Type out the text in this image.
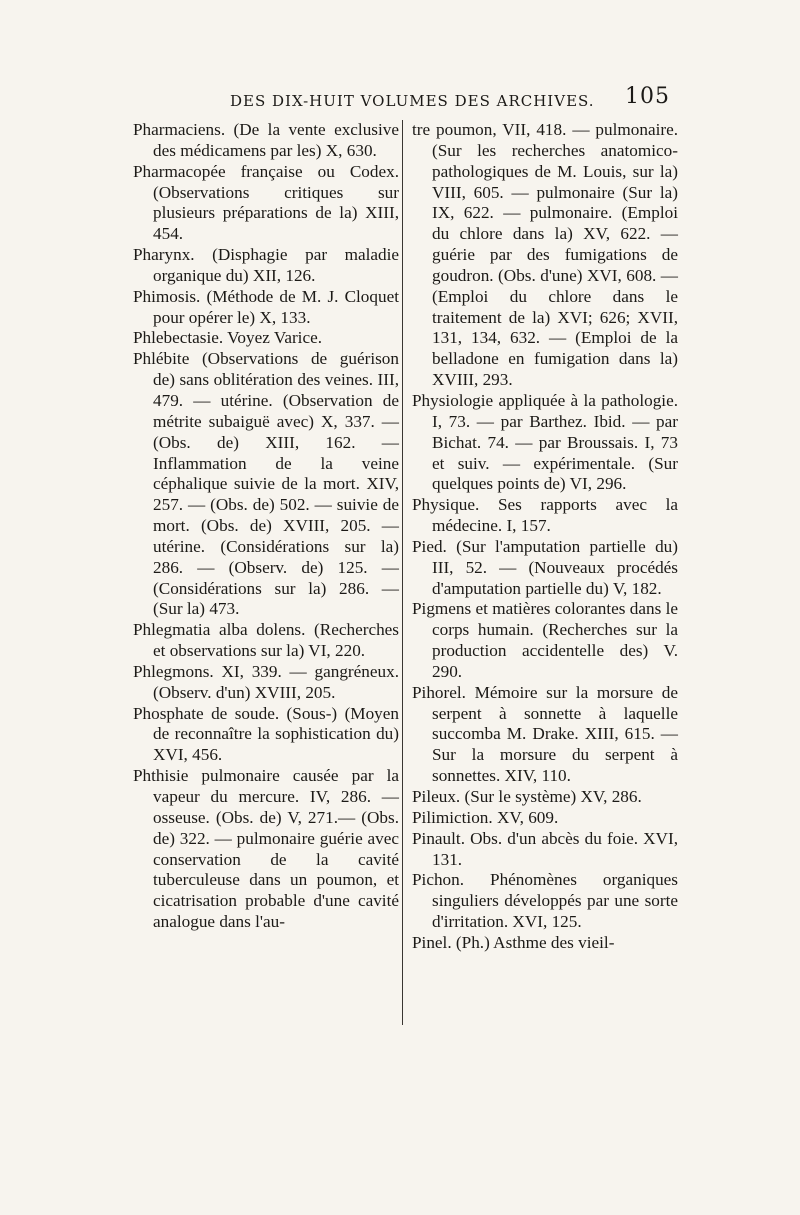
DES DIX-HUIT VOLUMES DES ARCHIVES. 105

Pharmaciens. (De la vente exclusive des médicamens par les) X, 630.

Pharmacopée française ou Codex. (Observations critiques sur plusieurs préparations de la) XIII, 454.

Pharynx. (Disphagie par maladie organique du) XII, 126.

Phimosis. (Méthode de M. J. Cloquet pour opérer le) X, 133.

Phlebectasie. Voyez Varice.

Phlébite (Observations de guérison de) sans oblitération des veines. III, 479. — utérine. (Observation de métrite subaiguë avec) X, 337. — (Obs. de) XIII, 162. — Inflammation de la veine céphalique suivie de la mort. XIV, 257. — (Obs. de) 502. — suivie de mort. (Obs. de) XVIII, 205. — utérine. (Considérations sur la) 286. — (Observ. de) 125. — (Considérations sur la) 286. — (Sur la) 473.

Phlegmatia alba dolens. (Recherches et observations sur la) VI, 220.

Phlegmons. XI, 339. — gangréneux. (Observ. d'un) XVIII, 205.

Phosphate de soude. (Sous-) (Moyen de reconnaître la sophistication du) XVI, 456.

Phthisie pulmonaire causée par la vapeur du mercure. IV, 286. — osseuse. (Obs. de) V, 271.— (Obs. de) 322. — pulmonaire guérie avec conservation de la cavité tuberculeuse dans un poumon, et cicatrisation probable d'une cavité analogue dans l'au-

tre poumon, VII, 418. — pulmonaire. (Sur les recherches anatomico-pathologiques de M. Louis, sur la) VIII, 605. — pulmonaire (Sur la) IX, 622. — pulmonaire. (Emploi du chlore dans la) XV, 622. — guérie par des fumigations de goudron. (Obs. d'une) XVI, 608. — (Emploi du chlore dans le traitement de la) XVI; 626; XVII, 131, 134, 632. — (Emploi de la belladone en fumigation dans la) XVIII, 293.

Physiologie appliquée à la pathologie. I, 73. — par Barthez. Ibid. — par Bichat. 74. — par Broussais. I, 73 et suiv. — expérimentale. (Sur quelques points de) VI, 296.

Physique. Ses rapports avec la médecine. I, 157.

Pied. (Sur l'amputation partielle du) III, 52. — (Nouveaux procédés d'amputation partielle du) V, 182.

Pigmens et matières colorantes dans le corps humain. (Recherches sur la production accidentelle des) V. 290.

Pihorel. Mémoire sur la morsure de serpent à sonnette à laquelle succomba M. Drake. XIII, 615. — Sur la morsure du serpent à sonnettes. XIV, 110.

Pileux. (Sur le système) XV, 286.

Pilimiction. XV, 609.

Pinault. Obs. d'un abcès du foie. XVI, 131.

Pichon. Phénomènes organiques singuliers développés par une sorte d'irritation. XVI, 125.

Pinel. (Ph.) Asthme des vieil-
